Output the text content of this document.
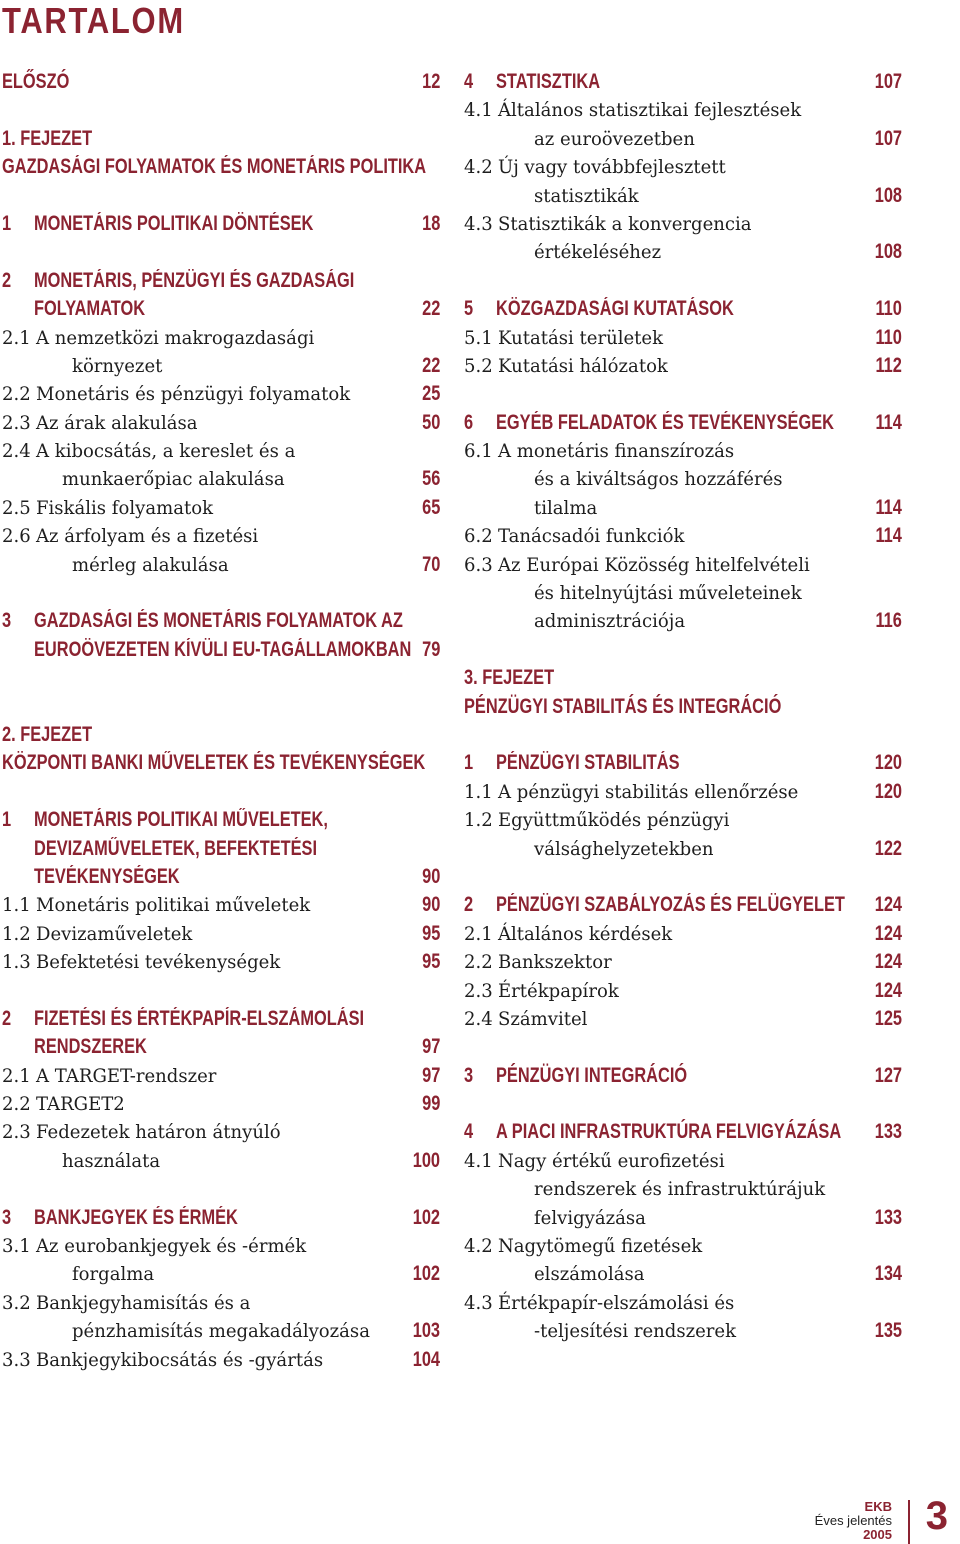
TARTALOM
ELŐSZÓ	12
1. FEJEZET
GAZDASÁGI FOLYAMATOK ÉS MONETÁRIS POLITIKA
1 MONETÁRIS POLITIKAI DÖNTÉSEK	18
2 MONETÁRIS, PÉNZÜGYI ÉS GAZDASÁGI
FOLYAMATOK	22
2.1 A nemzetközi makrogazdasági
környezet	22
2.2 Monetáris és pénzügyi folyamatok	25
2.3 Az árak alakulása	50
2.4 A kibocsátás, a kereslet és a
munkaerőpiac alakulása	56
2.5 Fiskális folyamatok	65
2.6 Az árfolyam és a fizetési
mérleg alakulása	70
3 GAZDASÁGI ÉS MONETÁRIS FOLYAMATOK AZ
EUROÖVEZETEN KÍVÜLI EU-TAGÁLLAMOKBAN 79
2. FEJEZET
KÖZPONTI BANKI MŰVELETEK ÉS TEVÉKENYSÉGEK
1 MONETÁRIS POLITIKAI MŰVELETEK,
DEVIZAMŰVELETEK, BEFEKTETÉSI
TEVÉKENYSÉGEK	90
1.1 Monetáris politikai műveletek	90
1.2 Devizaműveletek	95
1.3 Befektetési tevékenységek	95
2 FIZETÉSI ÉS ÉRTÉKPAPÍR-ELSZÁMOLÁSI
RENDSZEREK	97
2.1 A TARGET-rendszer	97
2.2 TARGET2	99
2.3 Fedezetek határon átnyúló
használata	100
3 BANKJEGYEK ÉS ÉRMÉK	102
3.1 Az eurobankjegyek és -érmék
forgalma	102
3.2 Bankjegyhamisítás és a
pénzhamisítás megakadályozása 103
3.3 Bankjegykibocsátás és -gyártás	104
4 STATISZTIKA	107
4.1 Általános statisztikai fejlesztések
az euroövezetben	107
4.2 Új vagy továbbfejlesztett
statisztikák	108
4.3 Statisztikák a konvergencia
értékeléséhez	108
5 KÖZGAZDASÁGI KUTATÁSOK	110
5.1 Kutatási területek	110
5.2 Kutatási hálózatok	112
6 EGYÉB FELADATOK ÉS TEVÉKENYSÉGEK 114
6.1 A monetáris finanszírozás
és a kiváltságos hozzáférés
tilalma	114
6.2 Tanácsadói funkciók	114
6.3 Az Európai Közösség hitelfelvételi
és hitelnyújtási műveleteinek
adminisztrációja	116
3. FEJEZET
PÉNZÜGYI STABILITÁS ÉS INTEGRÁCIÓ
1 PÉNZÜGYI STABILITÁS	120
1.1 A pénzügyi stabilitás ellenőrzése	120
1.2 Együttműködés pénzügyi
válsághelyzetekben	122
2 PÉNZÜGYI SZABÁLYOZÁS ÉS FELÜGYELET 124
2.1 Általános kérdések	124
2.2 Bankszektor	124
2.3 Értékpapírok	124
2.4 Számvitel	125
3 PÉNZÜGYI INTEGRÁCIÓ	127
4 A PIACI INFRASTRUKTÚRA FELVIGYÁZÁSA 133
4.1 Nagy értékű eurofizetési
rendszerek és infrastruktúrájuk
felvigyázása	133
4.2 Nagytömegű fizetések
elszámolása	134
4.3 Értékpapír-elszámolási és
-teljesítési rendszerek	135
EKB
Éves jelentés
2005 3
